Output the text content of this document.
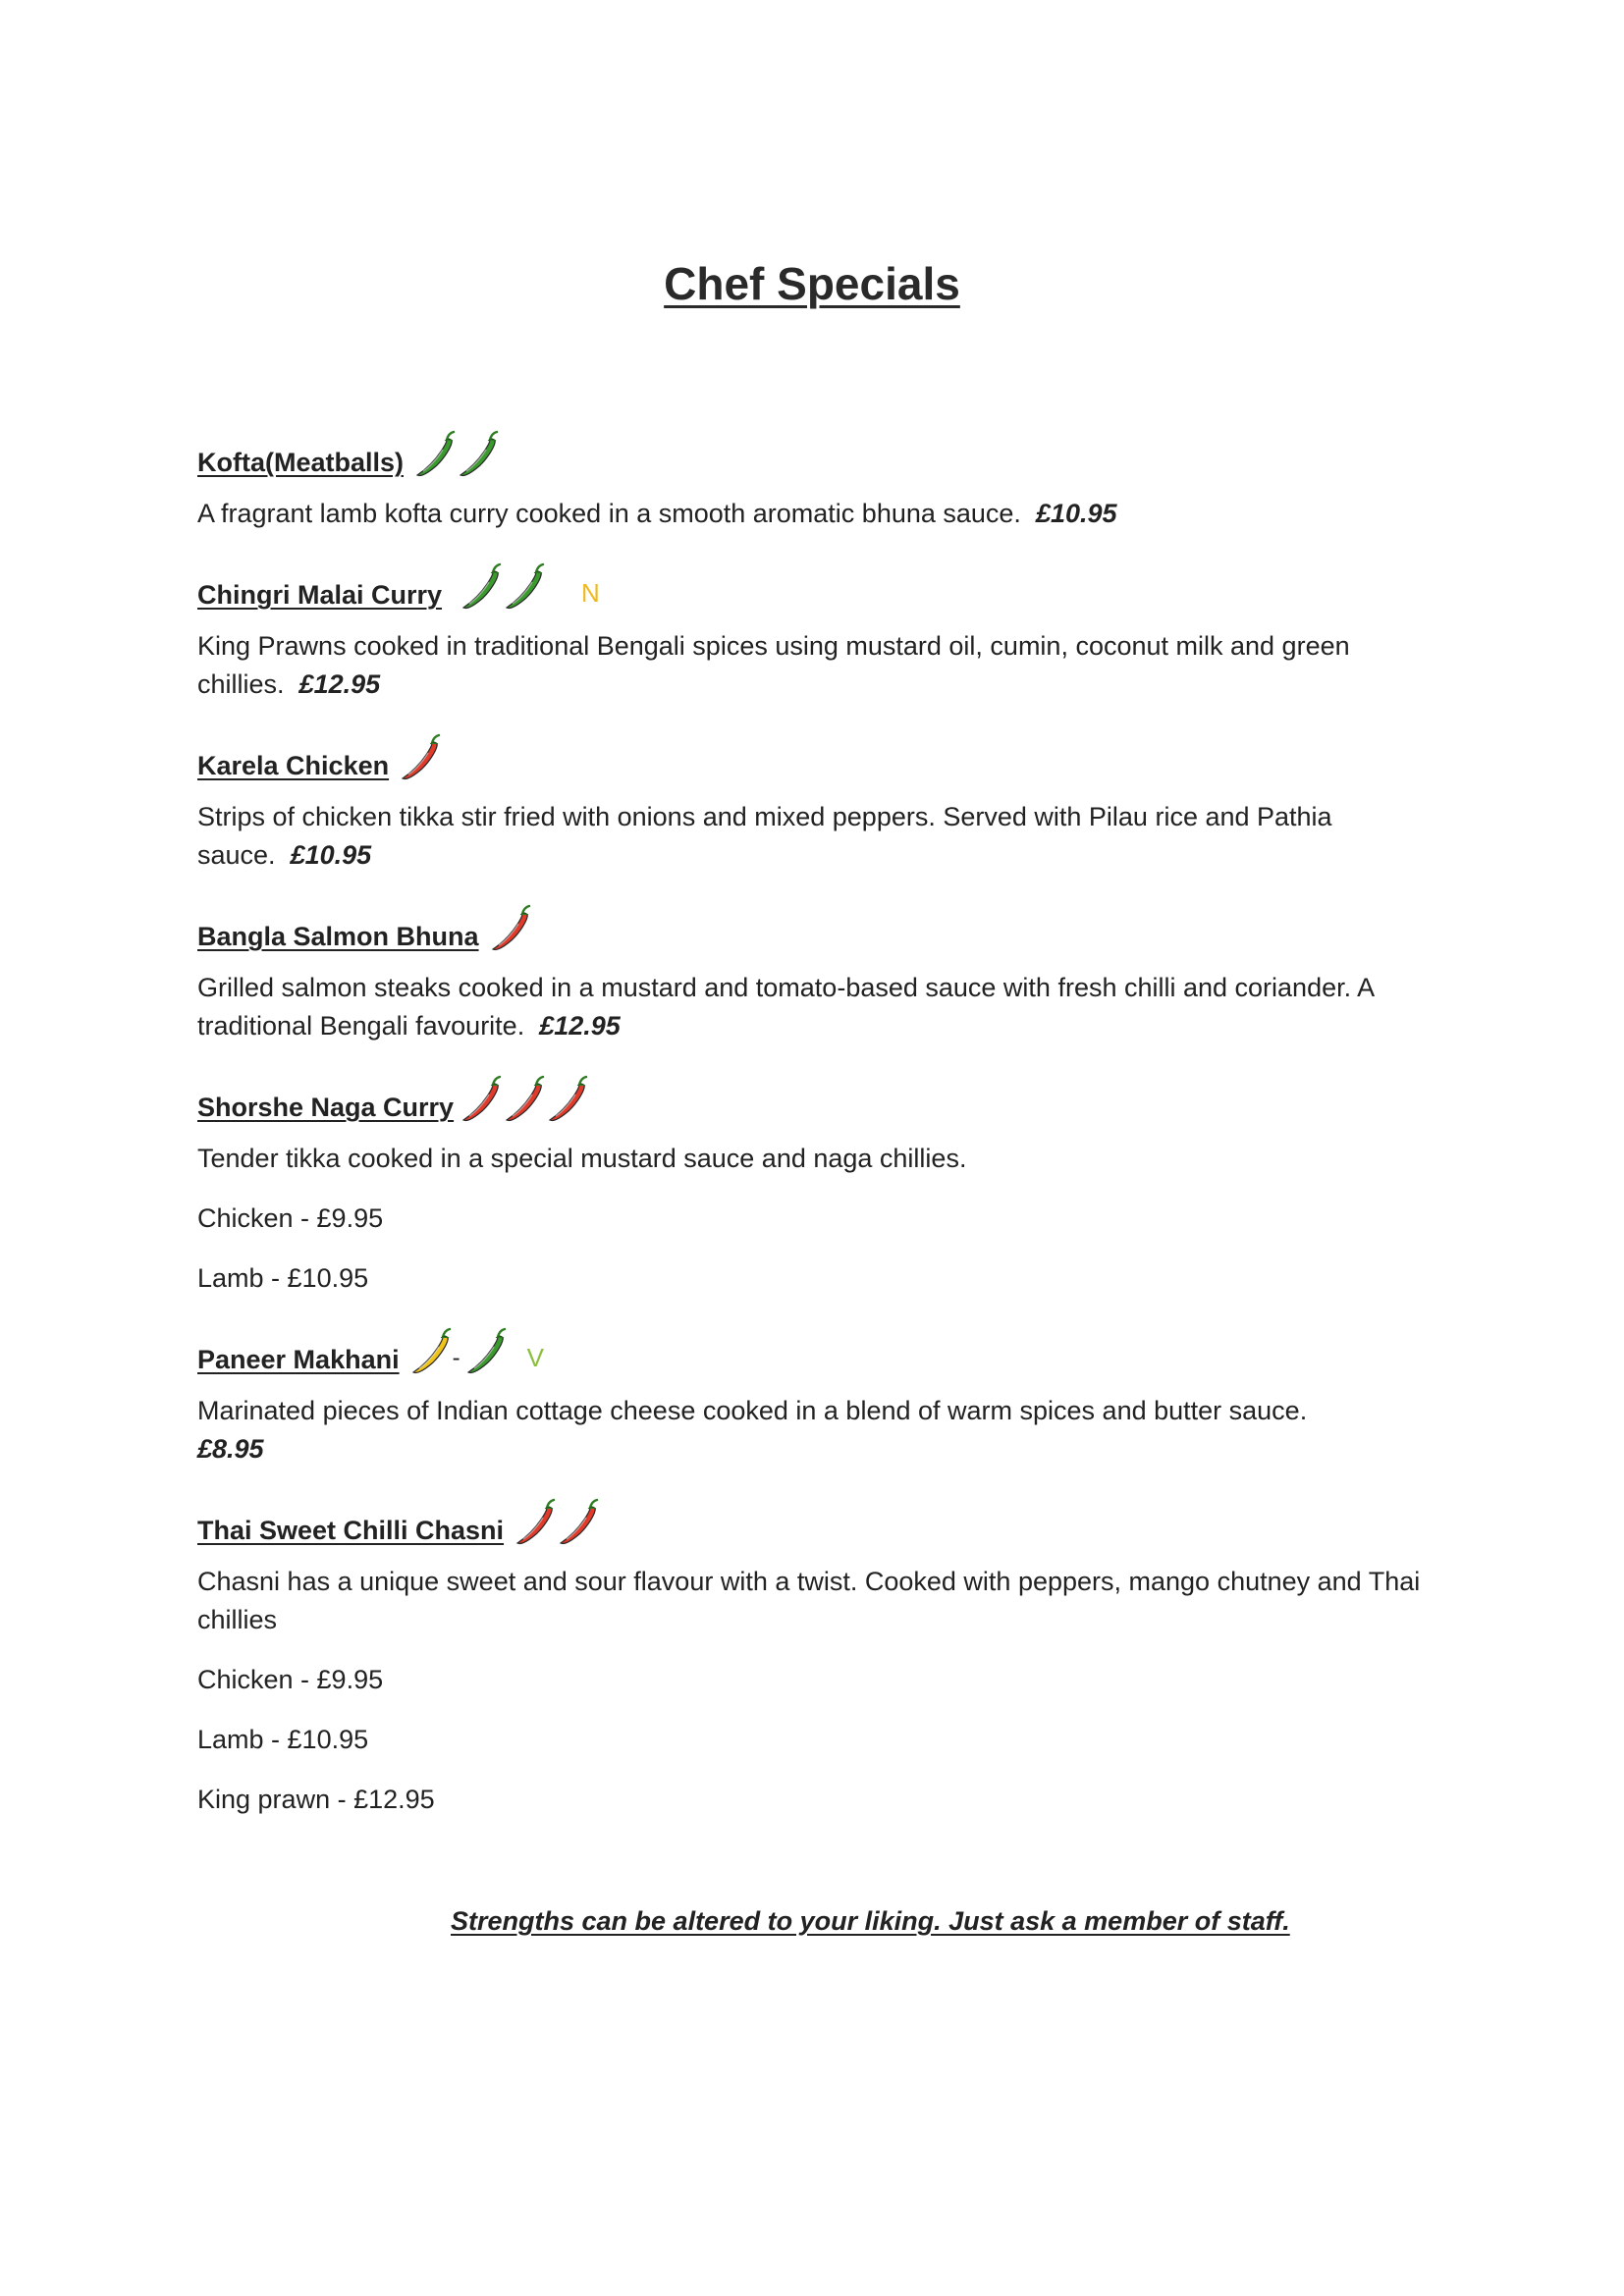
Chef Specials
Kofta(Meatballs)

A fragrant lamb kofta curry cooked in a smooth aromatic bhuna sauce. £10.95

Chingri Malai Curry	N

King Prawns cooked in traditional Bengali spices using mustard oil, cumin, coconut milk and green chillies. £12.95

Karela Chicken

Strips of chicken tikka stir fried with onions and mixed peppers. Served with Pilau rice and Pathia sauce. £10.95

Bangla Salmon Bhuna

Grilled salmon steaks cooked in a mustard and tomato-based sauce with fresh chilli and coriander. A traditional Bengali favourite. £12.95

Shorshe Naga Curry

Tender tikka cooked in a special mustard sauce and naga chillies.

Chicken - £9.95

Lamb - £10.95

Paneer Makhani -	V

Marinated pieces of Indian cottage cheese cooked in a blend of warm spices and butter sauce.
£8.95

Thai Sweet Chilli Chasni

Chasni has a unique sweet and sour flavour with a twist. Cooked with peppers, mango chutney and Thai chillies

Chicken - £9.95

Lamb - £10.95

King prawn - £12.95

Strengths can be altered to your liking. Just ask a member of staff.
